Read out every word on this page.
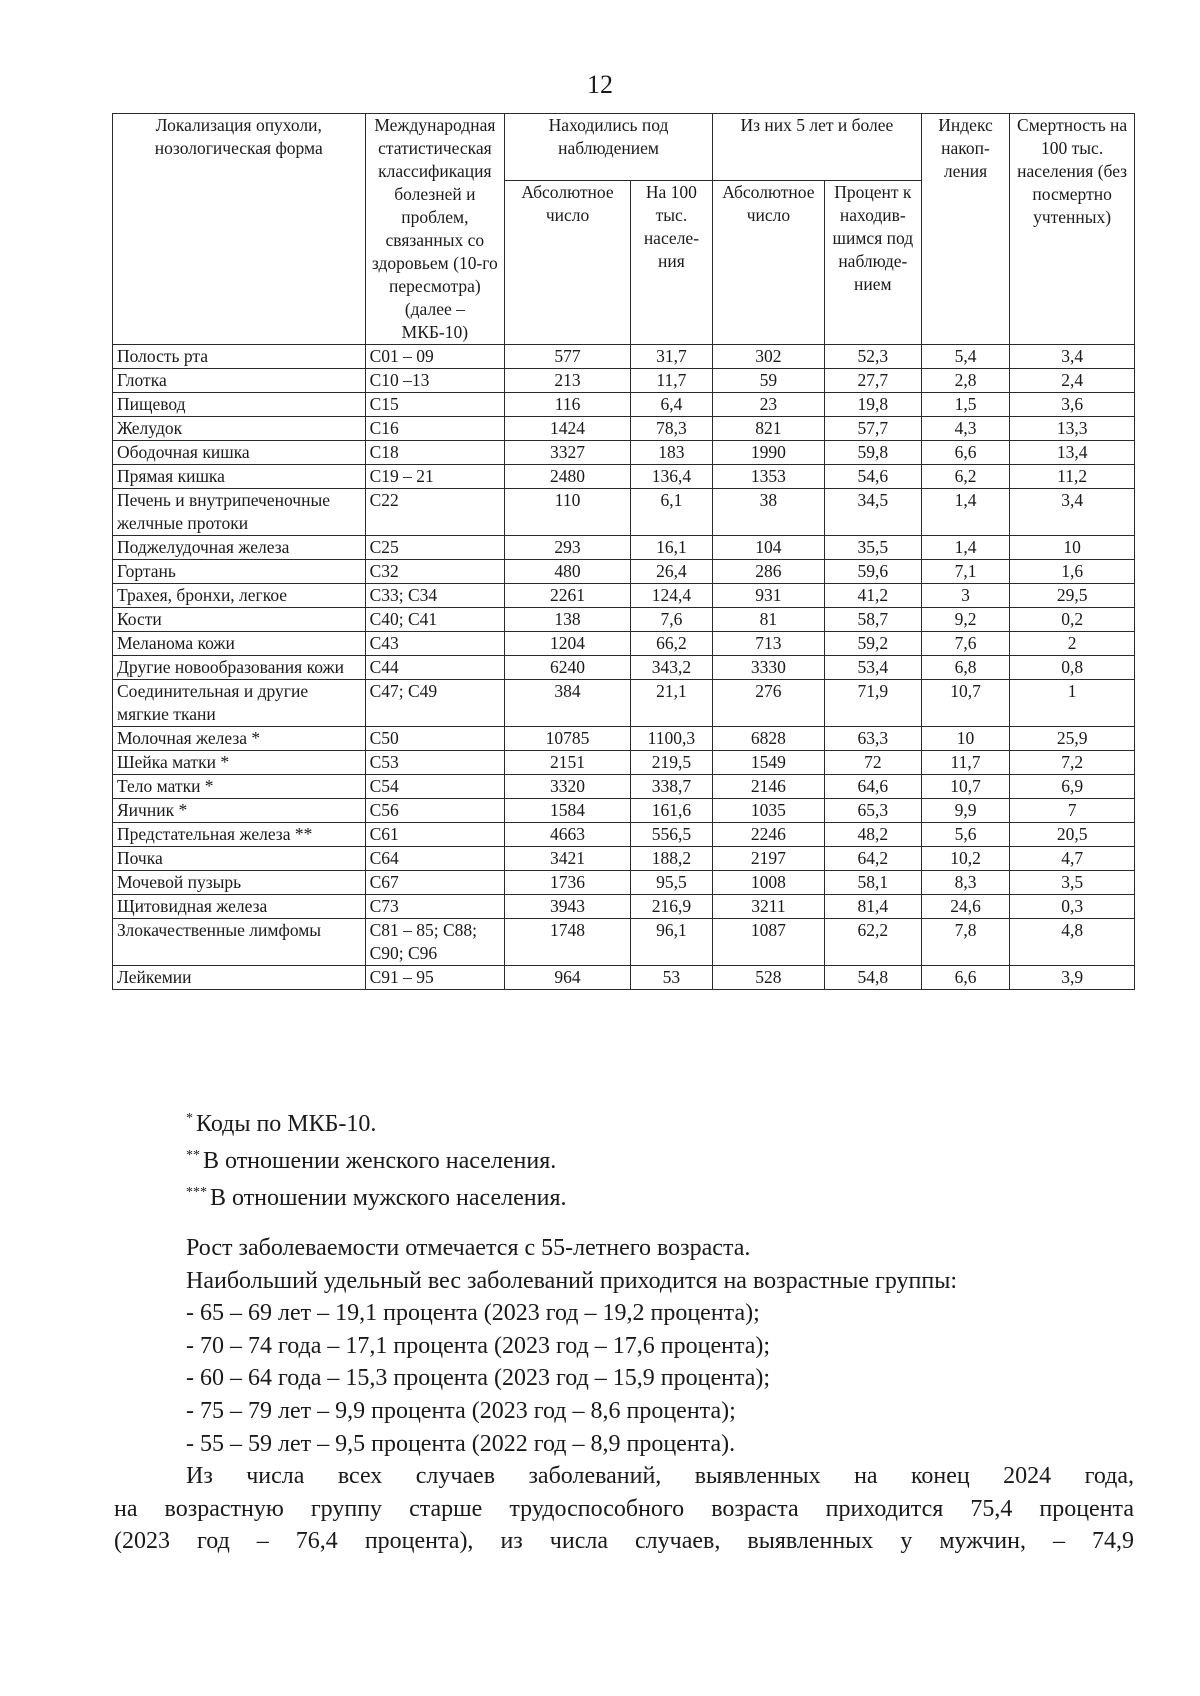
12
Локализация опухоли, нозологическая форма	Международная статистическая классификация болезней и проблем, связанных со здоровьем (10-го пересмотра) (далее – МКБ-10)	Находились под наблюдением		Из них 5 лет и более		Индекс накоп-ления	Смертность на 100 тыс. населения (без посмертно учтенных)
		Абсолютное число	На 100 тыс. населе-ния	Абсолютное число	Процент к находив-шимся под наблюде-нием		
Полость рта	C01 – 09	577	31,7	302	52,3	5,4	3,4
Глотка	C10 –13	213	11,7	59	27,7	2,8	2,4
Пищевод	C15	116	6,4	23	19,8	1,5	3,6
Желудок	C16	1424	78,3	821	57,7	4,3	13,3
Ободочная кишка	C18	3327	183	1990	59,8	6,6	13,4
Прямая кишка	C19 – 21	2480	136,4	1353	54,6	6,2	11,2
Печень и внутрипеченочные желчные протоки	C22	110	6,1	38	34,5	1,4	3,4
Поджелудочная железа	C25	293	16,1	104	35,5	1,4	10
Гортань	C32	480	26,4	286	59,6	7,1	1,6
Трахея, бронхи, легкое	C33; C34	2261	124,4	931	41,2	3	29,5
Кости	C40; C41	138	7,6	81	58,7	9,2	0,2
Меланома кожи	C43	1204	66,2	713	59,2	7,6	2
Другие новообразования кожи	C44	6240	343,2	3330	53,4	6,8	0,8
Соединительная и другие мягкие ткани	C47; C49	384	21,1	276	71,9	10,7	1
Молочная железа *	C50	10785	1100,3	6828	63,3	10	25,9
Шейка матки *	C53	2151	219,5	1549	72	11,7	7,2
Тело матки *	C54	3320	338,7	2146	64,6	10,7	6,9
Яичник *	C56	1584	161,6	1035	65,3	9,9	7
Предстательная железа **	C61	4663	556,5	2246	48,2	5,6	20,5
Почка	C64	3421	188,2	2197	64,2	10,2	4,7
Мочевой пузырь	C67	1736	95,5	1008	58,1	8,3	3,5
Щитовидная железа	C73	3943	216,9	3211	81,4	24,6	0,3
Злокачественные лимфомы	C81 – 85; C88; C90; C96	1748	96,1	1087	62,2	7,8	4,8
Лейкемии	C91 – 95	964	53	528	54,8	6,6	3,9
* Коды по МКБ-10.
** В отношении женского населения.
*** В отношении мужского населения.
Рост заболеваемости отмечается с 55-летнего возраста.
Наибольший удельный вес заболеваний приходится на возрастные группы:
- 65 – 69 лет – 19,1 процента (2023 год – 19,2 процента);
- 70 – 74 года – 17,1 процента (2023 год – 17,6 процента);
- 60 – 64 года – 15,3 процента (2023 год – 15,9 процента);
- 75 – 79 лет – 9,9 процента (2023 год – 8,6 процента);
- 55 – 59 лет – 9,5 процента (2022 год – 8,9 процента).
Из числа всех случаев заболеваний, выявленных на конец 2024 года,
на возрастную группу старше трудоспособного возраста приходится 75,4 процента
(2023 год – 76,4 процента), из числа случаев, выявленных у мужчин, – 74,9
